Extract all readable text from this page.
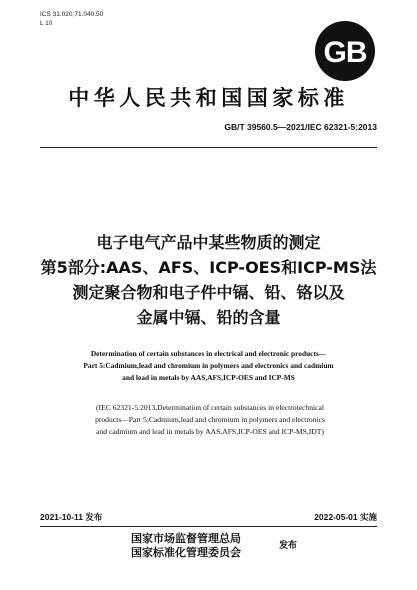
ICS 31.020;71.040.50
L 10
GB
中华人民共和国国家标准
GB/T 39560.5—2021/IEC 62321-5:2013
电子电气产品中某些物质的测定
第5部分:AAS、AFS、ICP-OES和ICP-MS法
测定聚合物和电子件中镉、铅、铬以及
金属中镉、铅的含量
Determination of certain substances in electrical and electronic products—
Part 5:Cadmium,lead and chromium in polymers and electronics and cadmium
and lead in metals by AAS,AFS,ICP-OES and ICP-MS
(IEC 62321-5:2013,Determination of certain substances in electrotechnical
products—Part 5:Cadmium,lead and chromium in polymers and electronics
and cadmium and lead in metals by AAS,AFS,ICP-OES and ICP-MS,IDT)
2021-10-11 发布	2022-05-01 实施
国家市场监督管理总局
国家标准化管理委员会	发布
